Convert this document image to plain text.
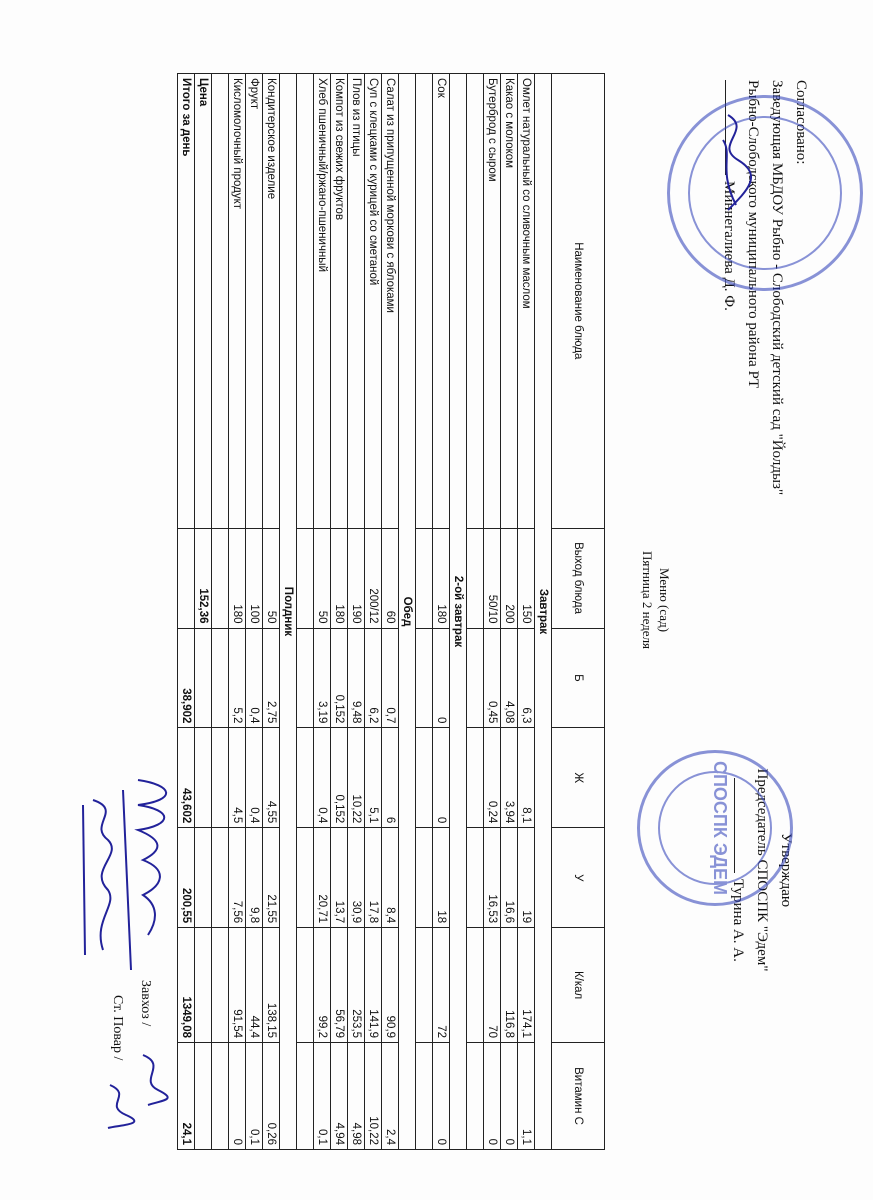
Согласовано:
Заведующая МБДОУ Рыбно - Слободский детский сад "Йолдыз"
Рыбно-Слободского муниципального района РТ
Миннегалиева Д. Ф.
Утверждаю
Председатель СПОСПК "Эдем"
Турина А. А.
СПОСПК ЭДЕМ
Меню (сад)
Пятница 2 неделя
Наименование блюда	Выход блюда	Б	Ж	У	К/кал	Витамин С
Завтрак						
Омлет натуральный со сливочным маслом	150	6,3	8,1	19	174,1	1,1
Какао с молоком	200	4,08	3,94	16,6	116,8	0
Бутерброд с сыром	50/10	0,45	0,24	16,53	70	0

2-ой завтрак						
Сок	180	0	0	18	72	0

Обед						
Салат из припущенной моркови с яблоками	60	0,7	6	8,4	90,9	2,4
Суп с клецками с курицей со сметаной	200/12	6,2	5,1	17,8	141,9	10,22
Плов из птицы	190	9,48	10,22	30,9	253,5	4,98
Компот из свежих фруктов	180	0,152	0,152	13,7	56,79	4,94
Хлеб пшеничный/ржано-пшеничный	50	3,19	0,4	20,71	99,2	0,1

Полдник						
Кондитерское изделие	50	2,75	4,55	21,55	138,15	0,26
Фрукт	100	0,4	0,4	9,8	44,4	0,1
Кисломолочный продукт	180	5,2	4,5	7,56	91,54	0

Цена	152,36					
Итого за день		38,902	43,602	200,55	1349,08	24,1
Завхоз /
Ст. Повар /
